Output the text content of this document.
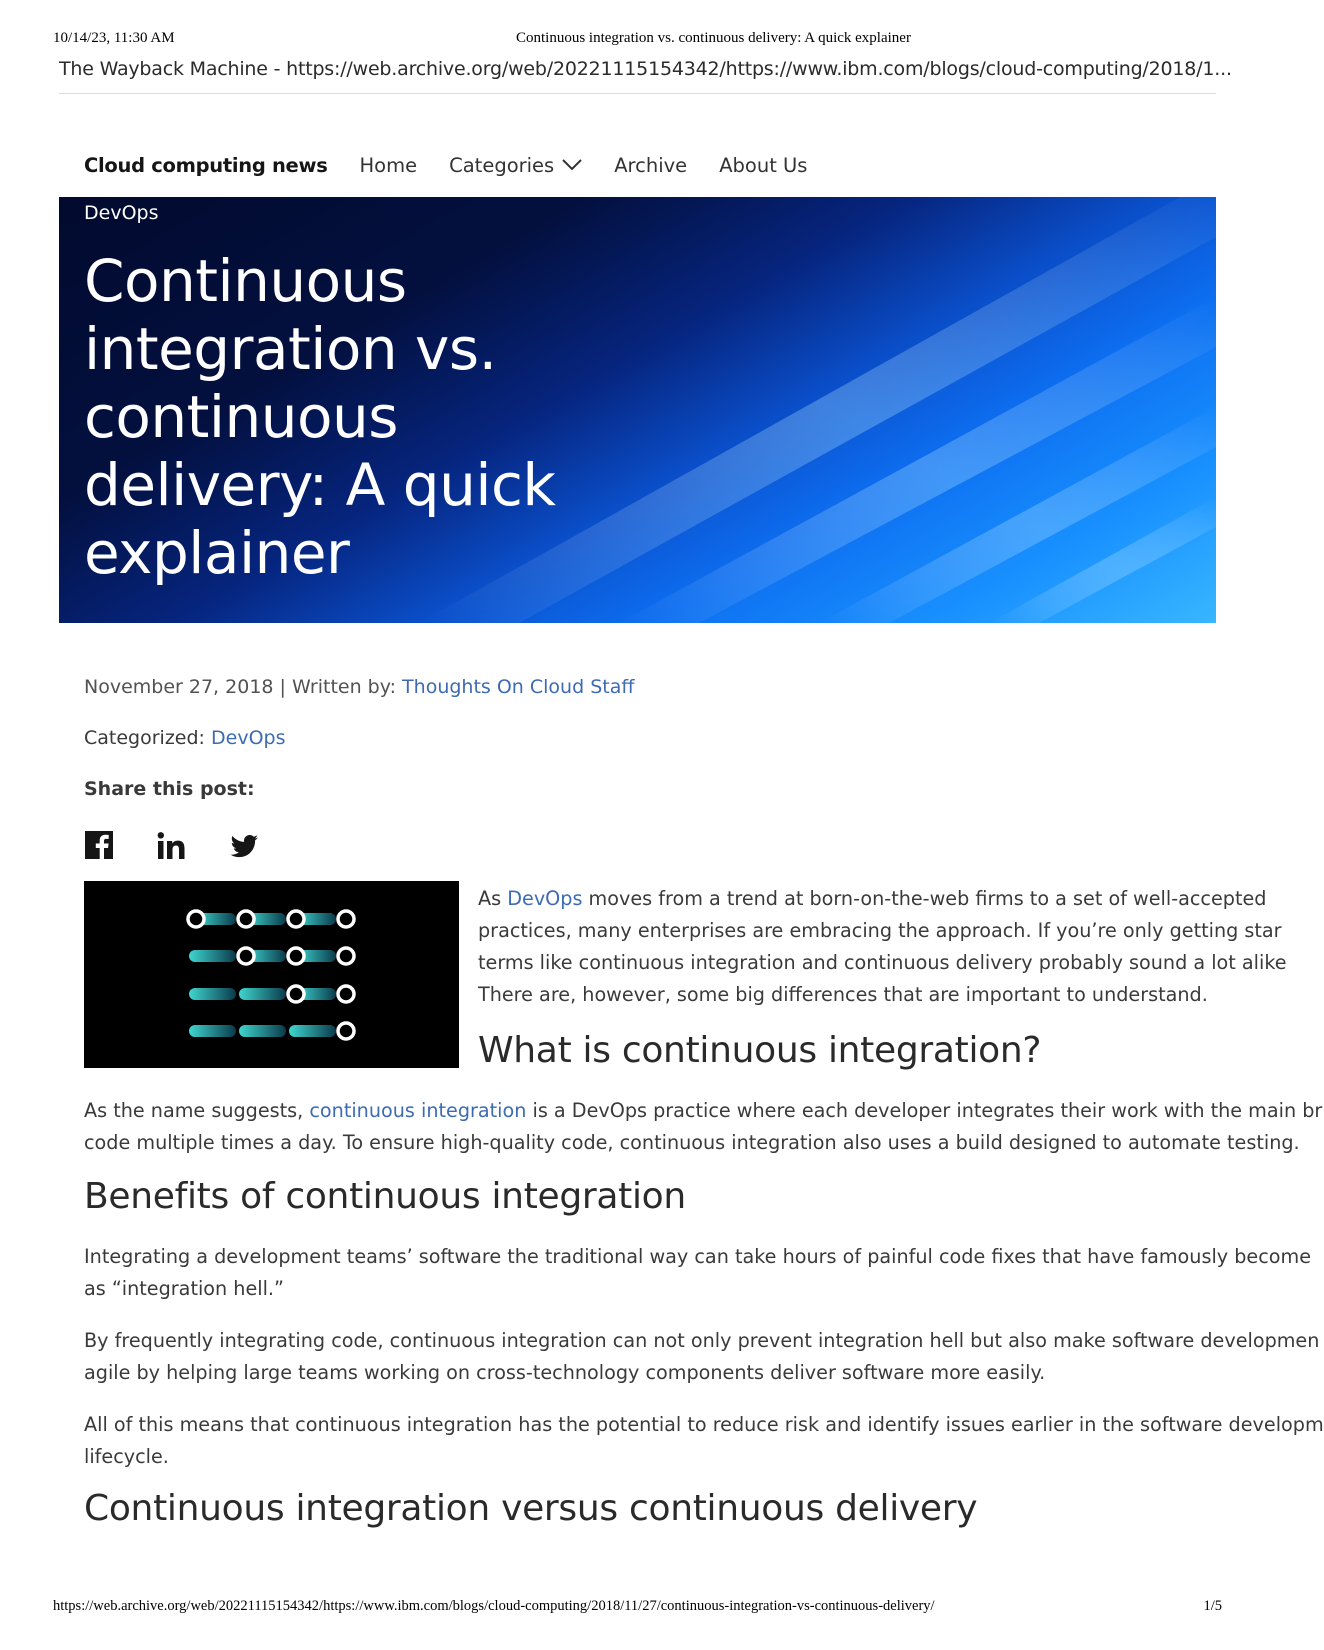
10/14/23, 11:30 AM	Continuous integration vs. continuous delivery: A quick explainer
The Wayback Machine - https://web.archive.org/web/20221115154342/https://www.ibm.com/blogs/cloud-computing/2018/1...
Cloud computing news Home Categories	Archive About Us
DevOps
Continuous
integration vs.
continuous
delivery: A quick
explainer
November 27, 2018 | Written by: Thoughts On Cloud Staff
Categorized: DevOps
Share this post:
As DevOps moves from a trend at born-on-the-web firms to a set of well-accepted
practices, many enterprises are embracing the approach. If you’re only getting star
terms like continuous integration and continuous delivery probably sound a lot alike
There are, however, some big differences that are important to understand.
What is continuous integration?
As the name suggests, continuous integration is a DevOps practice where each developer integrates their work with the main br
code multiple times a day. To ensure high-quality code, continuous integration also uses a build designed to automate testing.
Benefits of continuous integration
Integrating a development teams’ software the traditional way can take hours of painful code fixes that have famously become
as “integration hell.”
By frequently integrating code, continuous integration can not only prevent integration hell but also make software developmen
agile by helping large teams working on cross-technology components deliver software more easily.
All of this means that continuous integration has the potential to reduce risk and identify issues earlier in the software developm
lifecycle.
Continuous integration versus continuous delivery
https://web.archive.org/web/20221115154342/https://www.ibm.com/blogs/cloud-computing/2018/11/27/continuous-integration-vs-continuous-delivery/	1/5
